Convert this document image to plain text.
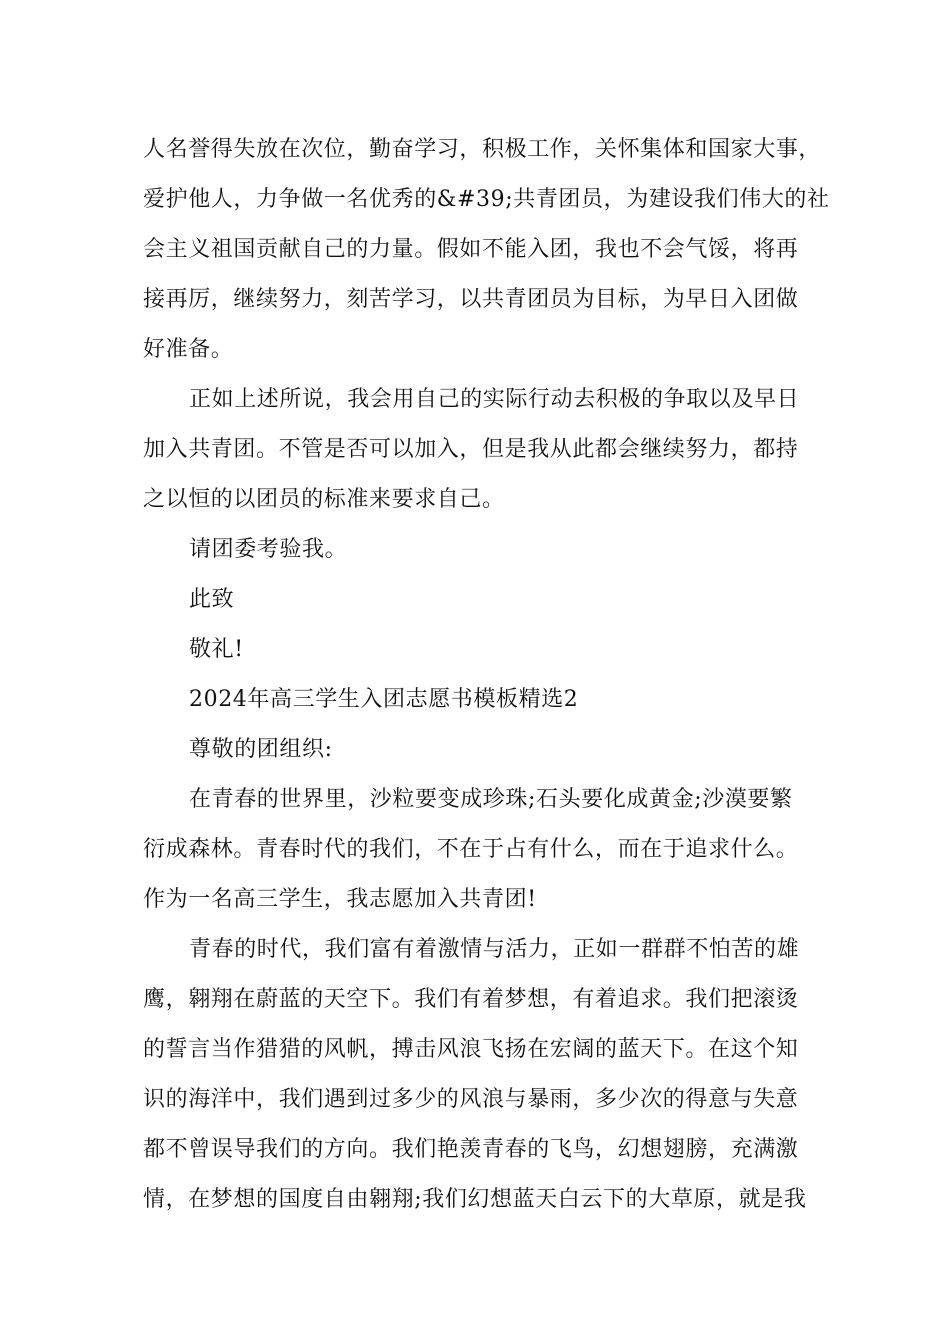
人名誉得失放在次位，勤奋学习，积极工作，关怀集体和国家大事，
爱护他人，力争做一名优秀的&#39;共青团员，为建设我们伟大的社
会主义祖国贡献自己的力量。假如不能入团，我也不会气馁，将再
接再厉，继续努力，刻苦学习，以共青团员为目标，为早日入团做
好准备。
正如上述所说，我会用自己的实际行动去积极的争取以及早日
加入共青团。不管是否可以加入，但是我从此都会继续努力，都持
之以恒的以团员的标准来要求自己。
请团委考验我。
此致
敬礼!
2024年高三学生入团志愿书模板精选2
尊敬的团组织:
在青春的世界里，沙粒要变成珍珠;石头要化成黄金;沙漠要繁
衍成森林。青春时代的我们，不在于占有什么，而在于追求什么。
作为一名高三学生，我志愿加入共青团!
青春的时代，我们富有着激情与活力，正如一群群不怕苦的雄
鹰，翱翔在蔚蓝的天空下。我们有着梦想，有着追求。我们把滚烫
的誓言当作猎猎的风帆，搏击风浪飞扬在宏阔的蓝天下。在这个知
识的海洋中，我们遇到过多少的风浪与暴雨，多少次的得意与失意
都不曾误导我们的方向。我们艳羡青春的飞鸟，幻想翅膀，充满激
情，在梦想的国度自由翱翔;我们幻想蓝天白云下的大草原，就是我
